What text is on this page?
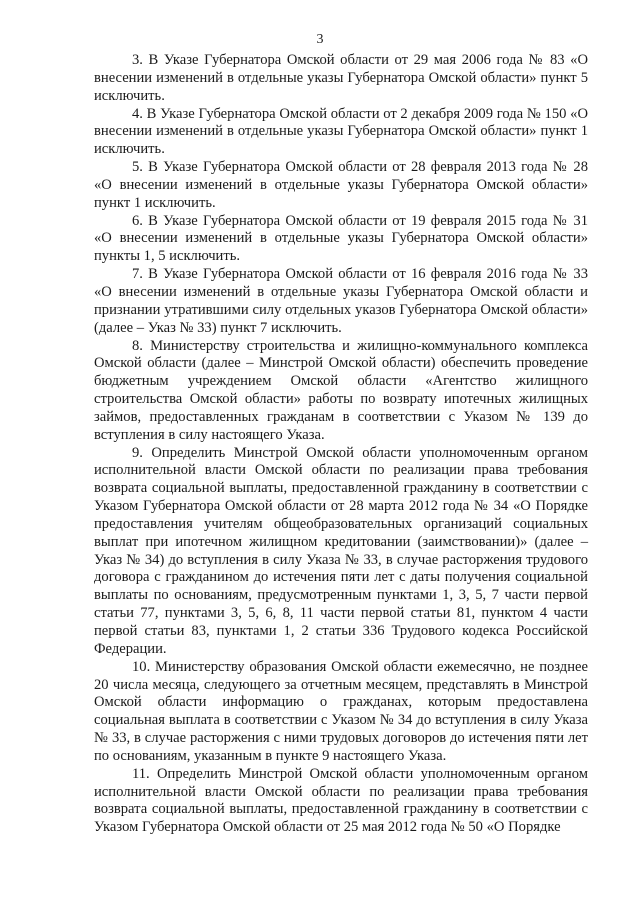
3

3. В Указе Губернатора Омской области от 29 мая 2006 года № 83 «О внесении изменений в отдельные указы Губернатора Омской области» пункт 5 исключить.

4. В Указе Губернатора Омской области от 2 декабря 2009 года № 150 «О внесении изменений в отдельные указы Губернатора Омской области» пункт 1 исключить.

5. В Указе Губернатора Омской области от 28 февраля 2013 года № 28 «О внесении изменений в отдельные указы Губернатора Омской области» пункт 1 исключить.

6. В Указе Губернатора Омской области от 19 февраля 2015 года № 31 «О внесении изменений в отдельные указы Губернатора Омской области» пункты 1, 5 исключить.

7. В Указе Губернатора Омской области от 16 февраля 2016 года № 33 «О внесении изменений в отдельные указы Губернатора Омской области и признании утратившими силу отдельных указов Губернатора Омской области» (далее – Указ № 33) пункт 7 исключить.

8. Министерству строительства и жилищно-коммунального комплекса Омской области (далее – Минстрой Омской области) обеспечить проведение бюджетным учреждением Омской области «Агентство жилищного строительства Омской области» работы по возврату ипотечных жилищных займов, предоставленных гражданам в соответствии с Указом № 139 до вступления в силу настоящего Указа.

9. Определить Минстрой Омской области уполномоченным органом исполнительной власти Омской области по реализации права требования возврата социальной выплаты, предоставленной гражданину в соответствии с Указом Губернатора Омской области от 28 марта 2012 года № 34 «О Порядке предоставления учителям общеобразовательных организаций социальных выплат при ипотечном жилищном кредитовании (заимствовании)» (далее – Указ № 34) до вступления в силу Указа № 33, в случае расторжения трудового договора с гражданином до истечения пяти лет с даты получения социальной выплаты по основаниям, предусмотренным пунктами 1, 3, 5, 7 части первой статьи 77, пунктами 3, 5, 6, 8, 11 части первой статьи 81, пунктом 4 части первой статьи 83, пунктами 1, 2 статьи 336 Трудового кодекса Российской Федерации.

10. Министерству образования Омской области ежемесячно, не позднее 20 числа месяца, следующего за отчетным месяцем, представлять в Минстрой Омской области информацию о гражданах, которым предоставлена социальная выплата в соответствии с Указом № 34 до вступления в силу Указа № 33, в случае расторжения с ними трудовых договоров до истечения пяти лет по основаниям, указанным в пункте 9 настоящего Указа.

11. Определить Минстрой Омской области уполномоченным органом исполнительной власти Омской области по реализации права требования возврата социальной выплаты, предоставленной гражданину в соответствии с Указом Губернатора Омской области от 25 мая 2012 года № 50 «О Порядке
